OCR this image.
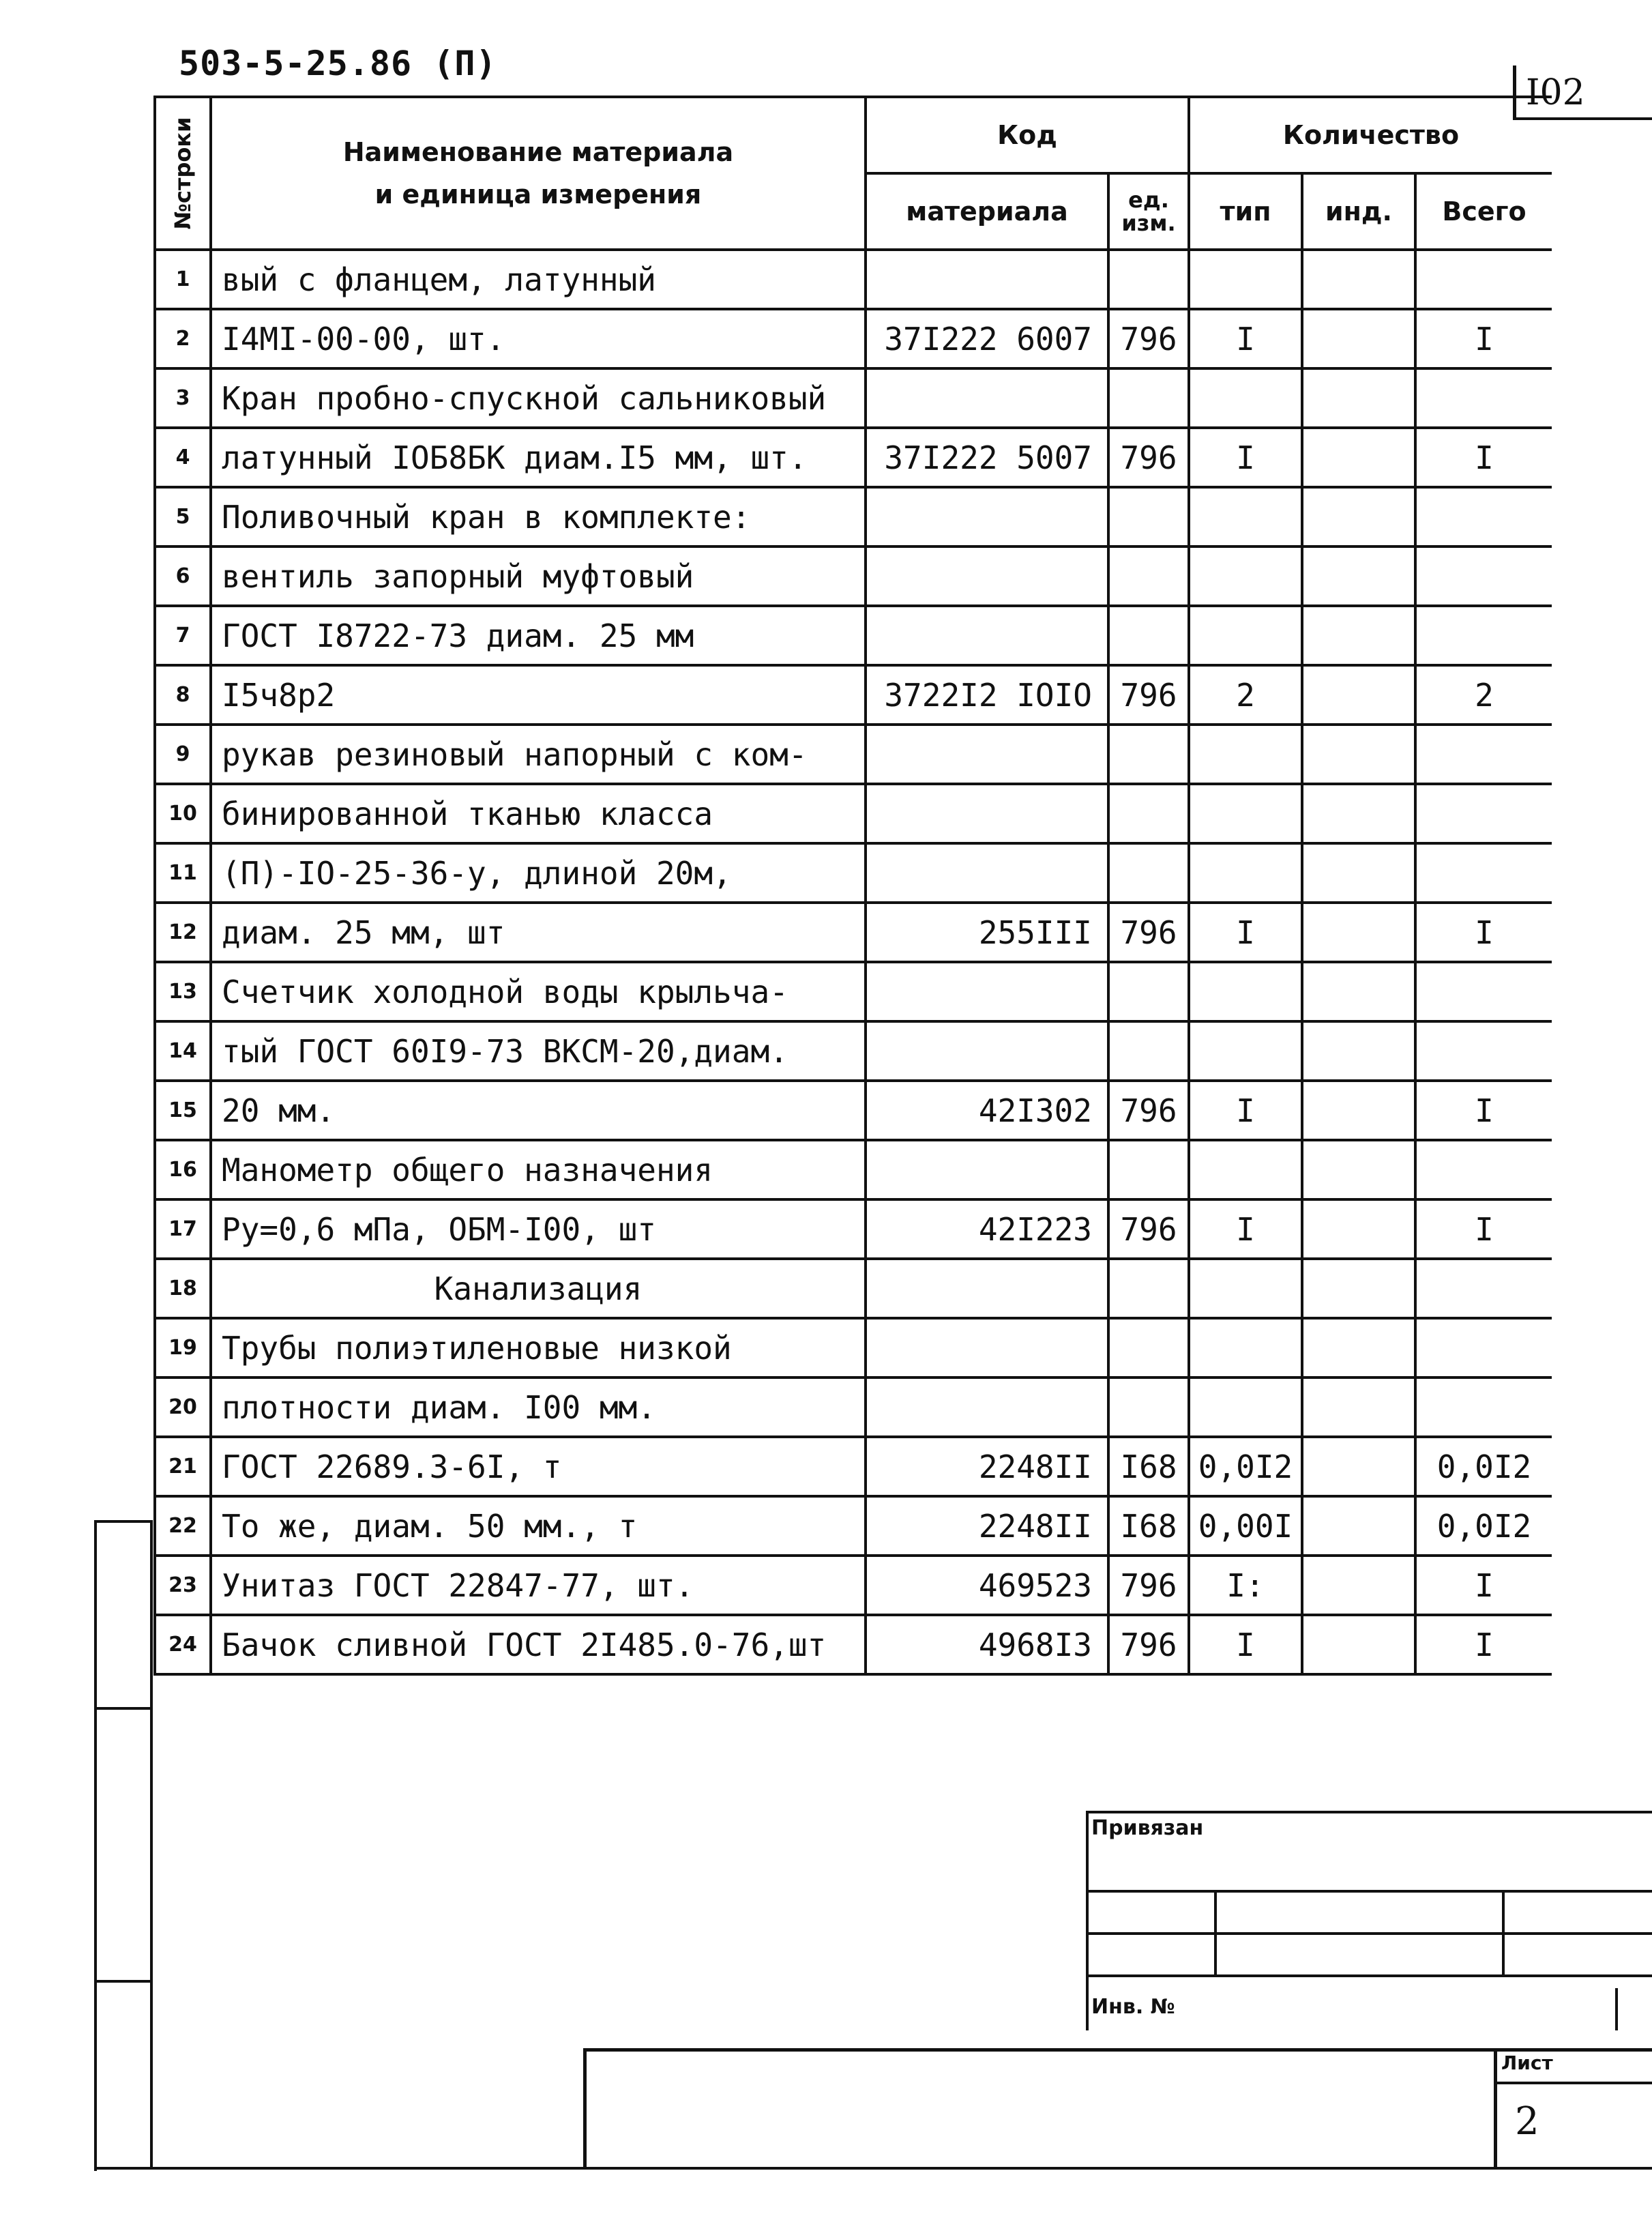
503-5-25.86 (П)
I02
№строки	Наименование материала
и единица измерения	Код		Количество		
		материала	ед. изм.	тип	инд.	Всего
1	вый с фланцем, латунный					
2	I4MI-00-00, шт.	37I222 6007	796	I		I
3	Кран пробно-спускной сальниковый					
4	латунный IOБ8БК диам.I5 мм, шт.	37I222 5007	796	I		I
5	Поливочный кран в комплекте:					
6	вентиль запорный муфтовый					
7	ГОСТ I8722-73 диам. 25 мм					
8	I5ч8р2	3722I2 IOIO	796	2		2
9	рукав резиновый напорный с ком-					
10	бинированной тканью класса					
11	(П)-IO-25-36-у, длиной 20м,					
12	диам. 25 мм, шт	255III	796	I		I
13	Счетчик холодной воды крыльча-					
14	тый ГОСТ 60I9-73 ВКСМ-20,диам.					
15	20 мм.	42I302	796	I		I
16	Манометр общего назначения					
17	Ру=0,6 мПа, ОБМ-I00, шт	42I223	796	I		I
18	Канализация					
19	Трубы полиэтиленовые низкой					
20	плотности диам. I00 мм.					
21	ГОСТ 22689.3-6I, т	2248II	I68	0,0I2		0,0I2
22	То же, диам. 50 мм., т	2248II	I68	0,00I		0,0I2
23	Унитаз ГОСТ 22847-77, шт.	469523	796	I:		I
24	Бачок сливной ГОСТ 2I485.0-76,шт	4968I3	796	I		I
Привязан
Инв. №
Лист
2
